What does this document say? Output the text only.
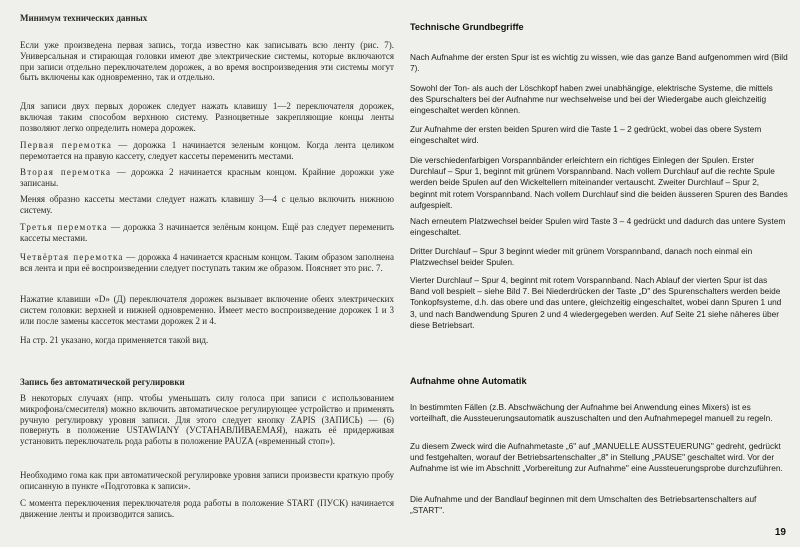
Минимум технических данных

Если уже произведена первая запись, тогда известно как записывать всю ленту (рис. 7). Универсальная и стирающая головки имеют две электрические системы, которые включаются при записи отдельно переключателем дорожек, а во время воспроизведения эти системы могут быть включены как одновременно, так и отдельно.

Для записи двух первых дорожек следует нажать клавишу 1—2 переключателя дорожек, включая таким способом верхнюю систему. Разноцветные закрепляющие концы ленты позволяют легко определить номера дорожек.

Первая перемотка — дорожка 1 начинается зеленым концом. Когда лента целиком перемотается на правую кассету, следует кассеты переменить местами.

Вторая перемотка — дорожка 2 начинается красным концом. Крайние дорожки уже записаны.

Меняя образно кассеты местами следует нажать клавишу 3—4 с целью включить нижнюю систему.

Третья перемотка — дорожка 3 начинается зелёным концом. Ещё раз следует переменить кассеты местами.

Четвёртая перемотка — дорожка 4 начинается красным концом. Таким образом заполнена вся лента и при её воспроизведении следует поступать таким же образом. Поясняет это рис. 7.

Нажатие клавиши «D» (Д) переключателя дорожек вызывает включение обеих электрических систем головки: верхней и нижней одновременно. Имеет место воспроизведение дорожек 1 и 3 или после замены кассеток местами дорожек 2 и 4.

На стр. 21 указано, когда применяется такой вид.

Запись без автоматической регулировки

В некоторых случаях (нпр. чтобы уменьшать силу голоса при записи с использованием микрофона/смесителя) можно включить автоматическое регулирующее устройство и применять ручную регулировку уровня записи. Для этого следует кнопку ZAPIS (ЗАПИСЬ) — (6) повернуть в положение USTAWIANY (УСТАНАВЛИВАЕМАЯ), нажать её придерживая установить переключатель рода работы в положение PAUZA («временный стоп»).

Необходимо гома как при автоматической регулировке уровня записи произвести краткую пробу описанную в пункте «Подготовка к записи».

С момента переключения переключателя рода работы в положение START (ПУСК) начинается движение ленты и производится запись.

Technische Grundbegriffe

Nach Aufnahme der ersten Spur ist es wichtig zu wissen, wie das ganze Band aufgenommen wird (Bild 7).

Sowohl der Ton- als auch der Löschkopf haben zwei unabhängige, elektrische Systeme, die mittels des Spurschalters bei der Aufnahme nur wechselweise und bei der Wiedergabe auch gleichzeitig eingeschaltet werden können.

Zur Aufnahme der ersten beiden Spuren wird die Taste 1 – 2 gedrückt, wobei das obere System eingeschaltet wird.

Die verschiedenfarbigen Vorspannbänder erleichtern ein richtiges Einlegen der Spulen. Erster Durchlauf – Spur 1, beginnt mit grünem Vorspannband. Nach vollem Durchlauf auf die rechte Spule werden beide Spulen auf den Wickeltellern miteinander vertauscht. Zweiter Durchlauf – Spur 2, beginnt mit rotem Vorspannband. Nach vollem Durchlauf sind die beiden äusseren Spuren des Bandes aufgespielt.

Nach erneutem Platzwechsel beider Spulen wird Taste 3 – 4 gedrückt und dadurch das untere System eingeschaltet.

Dritter Durchlauf – Spur 3 beginnt wieder mit grünem Vorspannband, danach noch einmal ein Platzwechsel beider Spulen.

Vierter Durchlauf – Spur 4, beginnt mit rotem Vorspannband. Nach Ablauf der vierten Spur ist das Band voll bespielt – siehe Bild 7. Bei Niederdrücken der Taste „D" des Spurenschalters werden beide Tonkopfsysteme, d.h. das obere und das untere, gleichzeitig eingeschaltet, wobei dann Spuren 1 und 3, und nach Bandwendung Spuren 2 und 4 wiedergegeben werden. Auf Seite 21 siehe näheres über diese Betriebsart.

Aufnahme ohne Automatik

In bestimmten Fällen (z.B. Abschwächung der Aufnahme bei Anwendung eines Mixers) ist es vorteilhaft, die Aussteuerungsautomatik auszuschalten und den Aufnahmepegel manuell zu regeln.

Zu diesem Zweck wird die Aufnahmetaste „6" auf „MANUELLE AUSSTEUERUNG" gedreht, gedrückt und festgehalten, worauf der Betriebsartenschalter „8" in Stellung „PAUSE" geschaltet wird. Vor der Aufnahme ist wie im Abschnitt „Vorbereitung zur Aufnahme" eine Aussteuerungsprobe durchzuführen.

Die Aufnahme und der Bandlauf beginnen mit dem Umschalten des Betriebsartenschalters auf „START".

19
